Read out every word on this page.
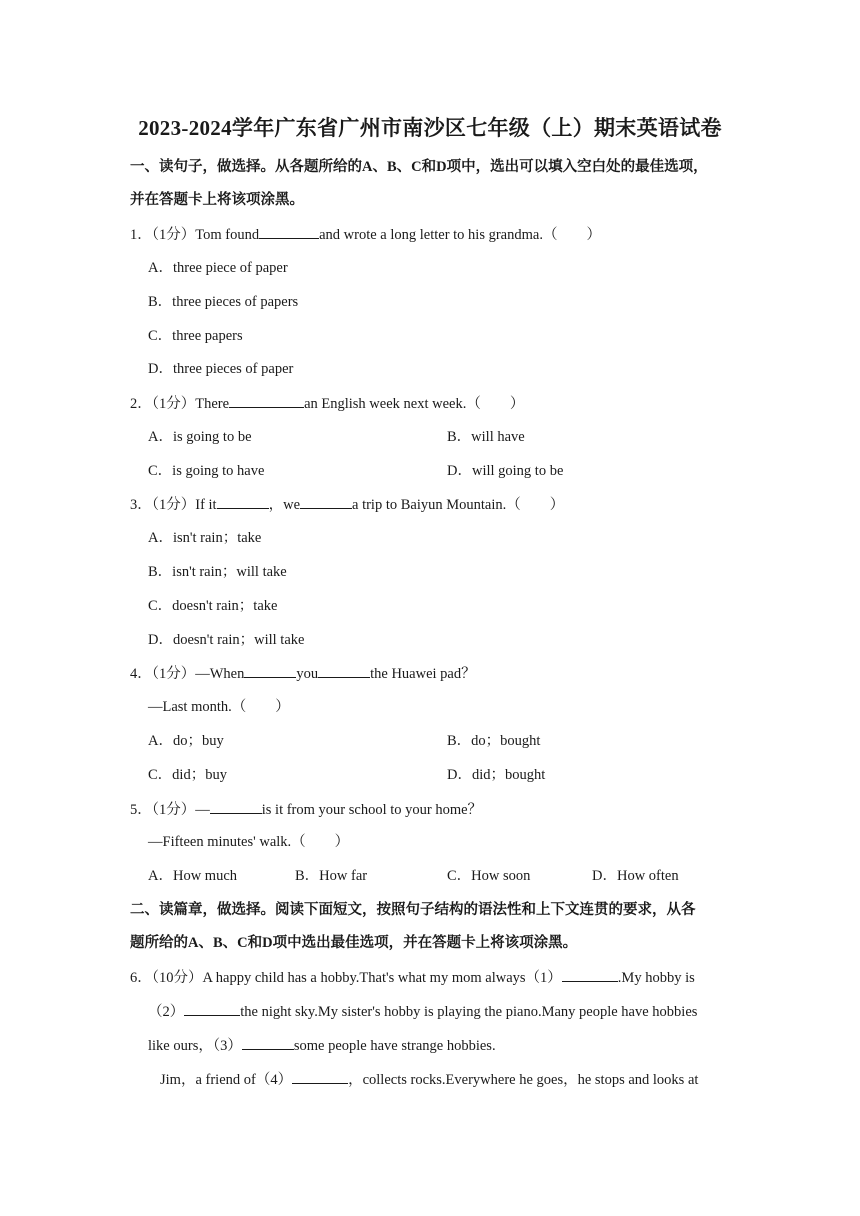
2023-2024学年广东省广州市南沙区七年级（上）期末英语试卷
一、读句子，做选择。从各题所给的A、B、C和D项中，选出可以填入空白处的最佳选项，
并在答题卡上将该项涂黑。
1．（1分）Tom found	and wrote a long letter to his grandma.（　　）
A．three piece of paper
B．three pieces of papers
C．three papers
D．three pieces of paper
2．（1分）There	an English week next week.（　　）
A．is going to be	B．will have
C．is going to have	D．will going to be
3．（1分）If it	，we	a trip to Baiyun Mountain.（　　）
A．isn't rain；take
B．isn't rain；will take
C．doesn't rain；take
D．doesn't rain；will take
4．（1分）—When	you	the Huawei pad？
—Last month.（　　）
A．do；buy	B．do；bought
C．did；buy	D．did；bought
5．（1分）—	is it from your school to your home？
—Fifteen minutes' walk.（　　）
A．How much	B．How far	C．How soon	D．How often
二、读篇章，做选择。阅读下面短文，按照句子结构的语法性和上下文连贯的要求，从各
题所给的A、B、C和D项中选出最佳选项，并在答题卡上将该项涂黑。
6．（10分）A happy child has a hobby.That's what my mom always（1）	.My hobby is
（2）	the night sky.My sister's hobby is playing the piano.Many people have hobbies
like ours，（3）	some people have strange hobbies.
Jim，a friend of（4）	，collects rocks.Everywhere he goes，he stops and looks at
